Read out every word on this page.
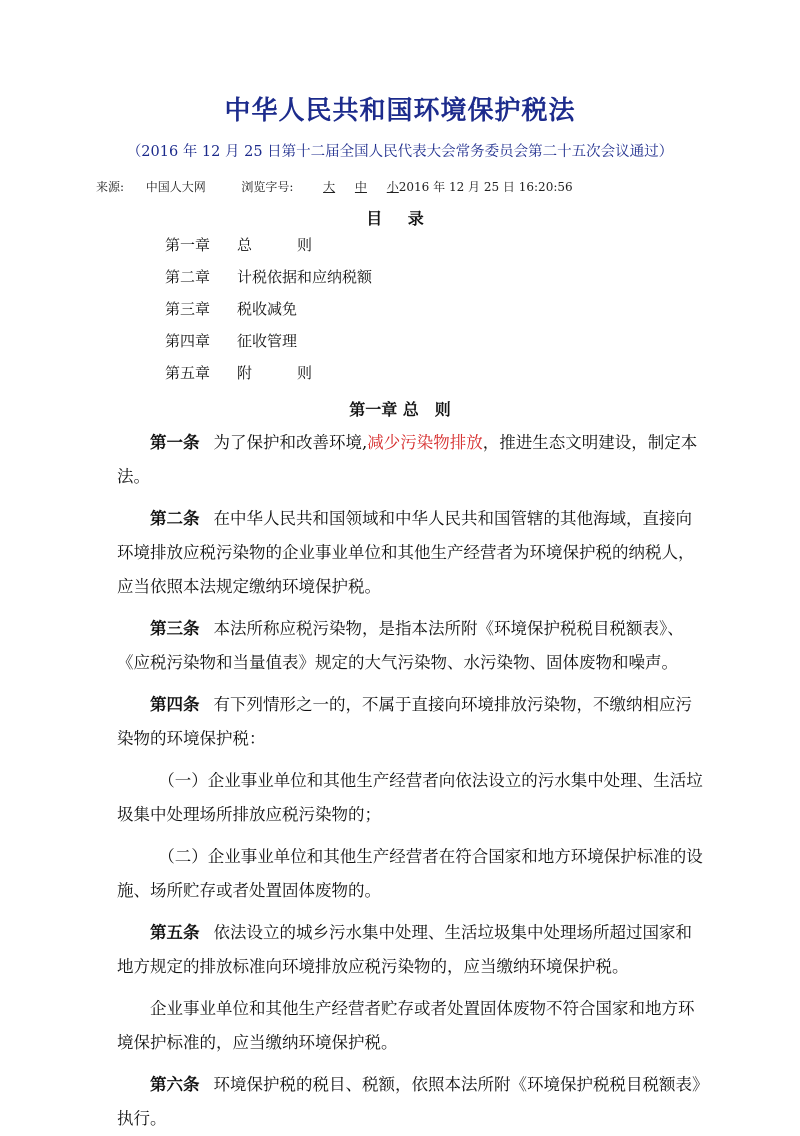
中华人民共和国环境保护税法
（2016 年 12 月 25 日第十二届全国人民代表大会常务委员会第二十五次会议通过）
来源: 中国人大网	浏览字号: 大 中 小2016 年 12 月 25 日 16:20:56
目 录
第一章 总　　　则
第二章 计税依据和应纳税额
第三章 税收减免
第四章 征收管理
第五章 附　　　则
第一章 总　则

第一条 为了保护和改善环境,减少污染物排放，推进生态文明建设，制定本法。

第二条 在中华人民共和国领域和中华人民共和国管辖的其他海域，直接向环境排放应税污染物的企业事业单位和其他生产经营者为环境保护税的纳税人，应当依照本法规定缴纳环境保护税。

第三条 本法所称应税污染物，是指本法所附《环境保护税税目税额表》、《应税污染物和当量值表》规定的大气污染物、水污染物、固体废物和噪声。

第四条 有下列情形之一的，不属于直接向环境排放污染物，不缴纳相应污染物的环境保护税：

（一）企业事业单位和其他生产经营者向依法设立的污水集中处理、生活垃圾集中处理场所排放应税污染物的；

（二）企业事业单位和其他生产经营者在符合国家和地方环境保护标准的设施、场所贮存或者处置固体废物的。

第五条 依法设立的城乡污水集中处理、生活垃圾集中处理场所超过国家和地方规定的排放标准向环境排放应税污染物的，应当缴纳环境保护税。

企业事业单位和其他生产经营者贮存或者处置固体废物不符合国家和地方环境保护标准的，应当缴纳环境保护税。

第六条 环境保护税的税目、税额，依照本法所附《环境保护税税目税额表》执行。
